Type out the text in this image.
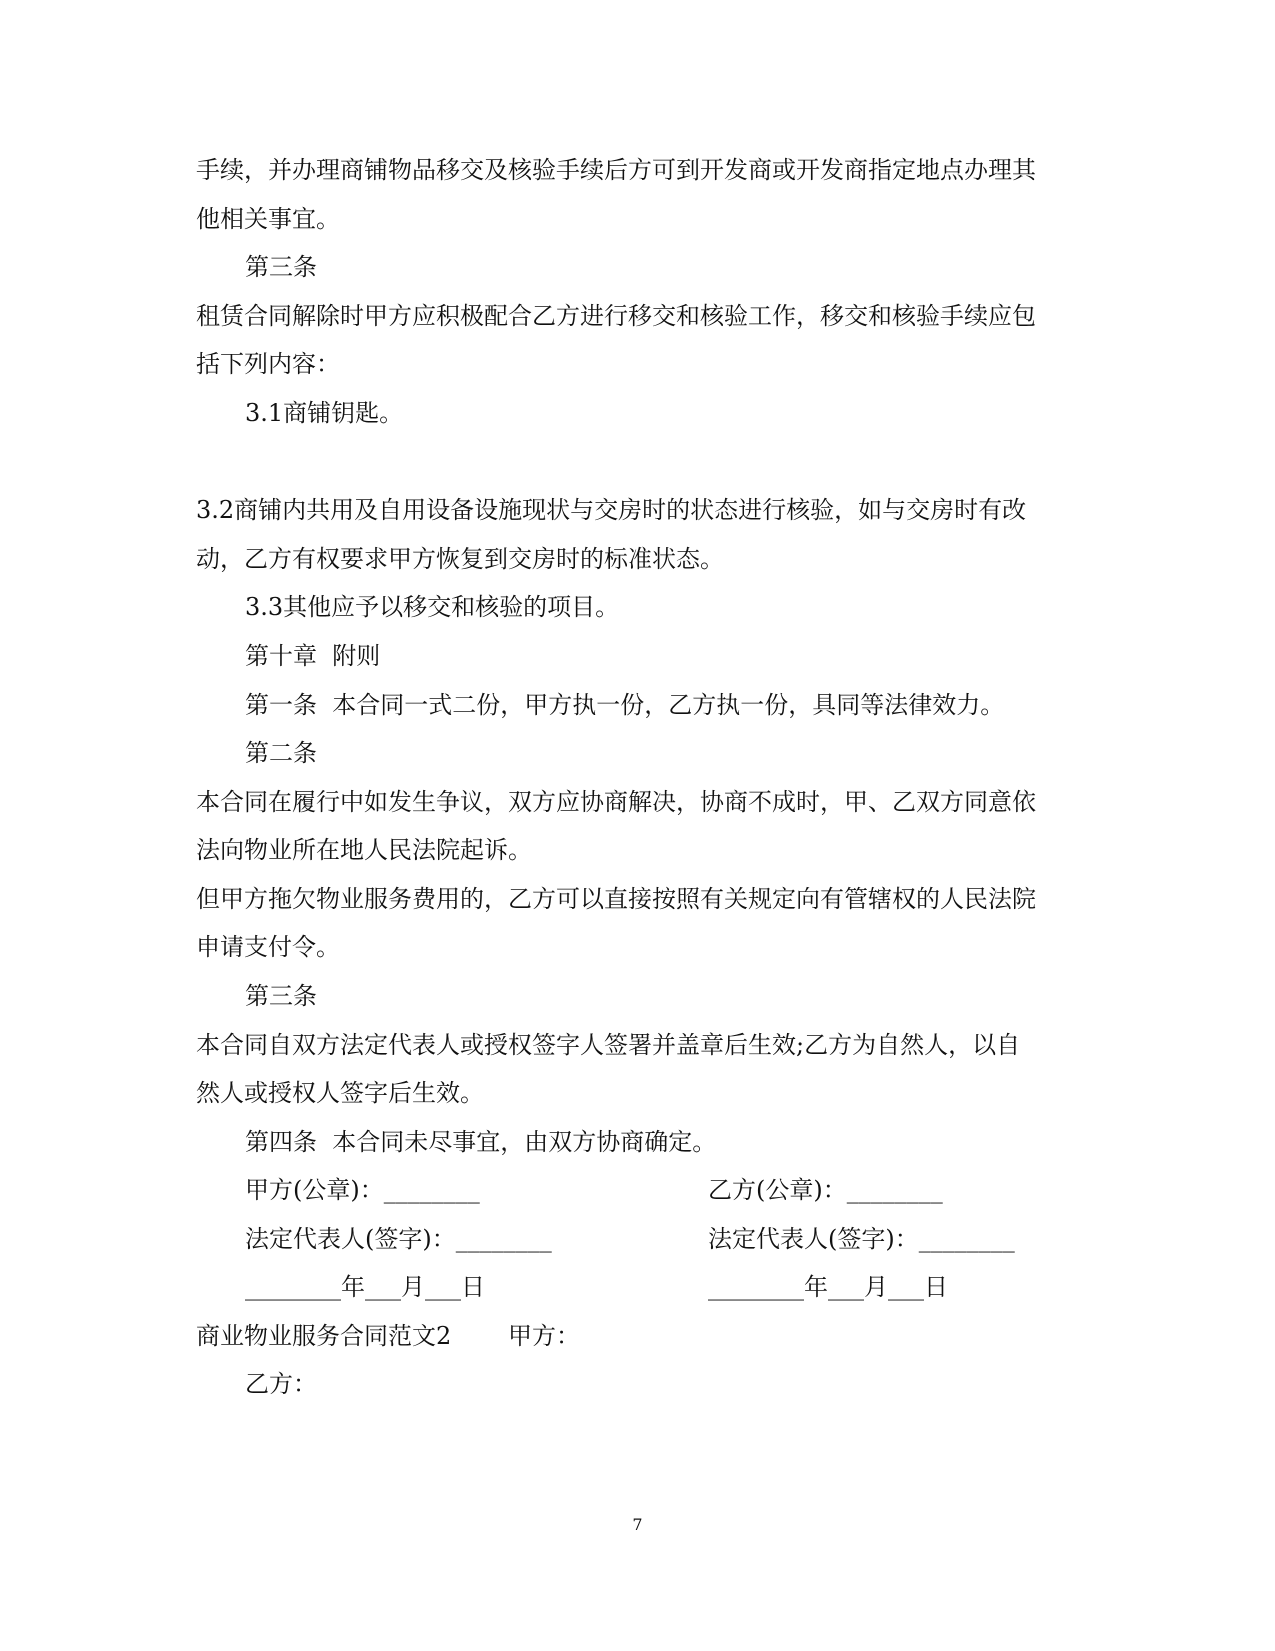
手续，并办理商铺物品移交及核验手续后方可到开发商或开发商指定地点办理其
他相关事宜。
第三条
租赁合同解除时甲方应积极配合乙方进行移交和核验工作，移交和核验手续应包
括下列内容：
3.1商铺钥匙。
3.2商铺内共用及自用设备设施现状与交房时的状态进行核验，如与交房时有改
动，乙方有权要求甲方恢复到交房时的标准状态。
3.3其他应予以移交和核验的项目。
第十章  附则
第一条  本合同一式二份，甲方执一份，乙方执一份，具同等法律效力。
第二条
本合同在履行中如发生争议，双方应协商解决，协商不成时，甲、乙双方同意依
法向物业所在地人民法院起诉。
但甲方拖欠物业服务费用的，乙方可以直接按照有关规定向有管辖权的人民法院
申请支付令。
第三条
本合同自双方法定代表人或授权签字人签署并盖章后生效;乙方为自然人，以自
然人或授权人签字后生效。
第四条  本合同未尽事宜，由双方协商确定。
甲方(公章)：________	乙方(公章)：________
法定代表人(签字)：________	法定代表人(签字)：________
________年___月___日	________年___月___日
商业物业服务合同范文2 甲方：
乙方：
7
